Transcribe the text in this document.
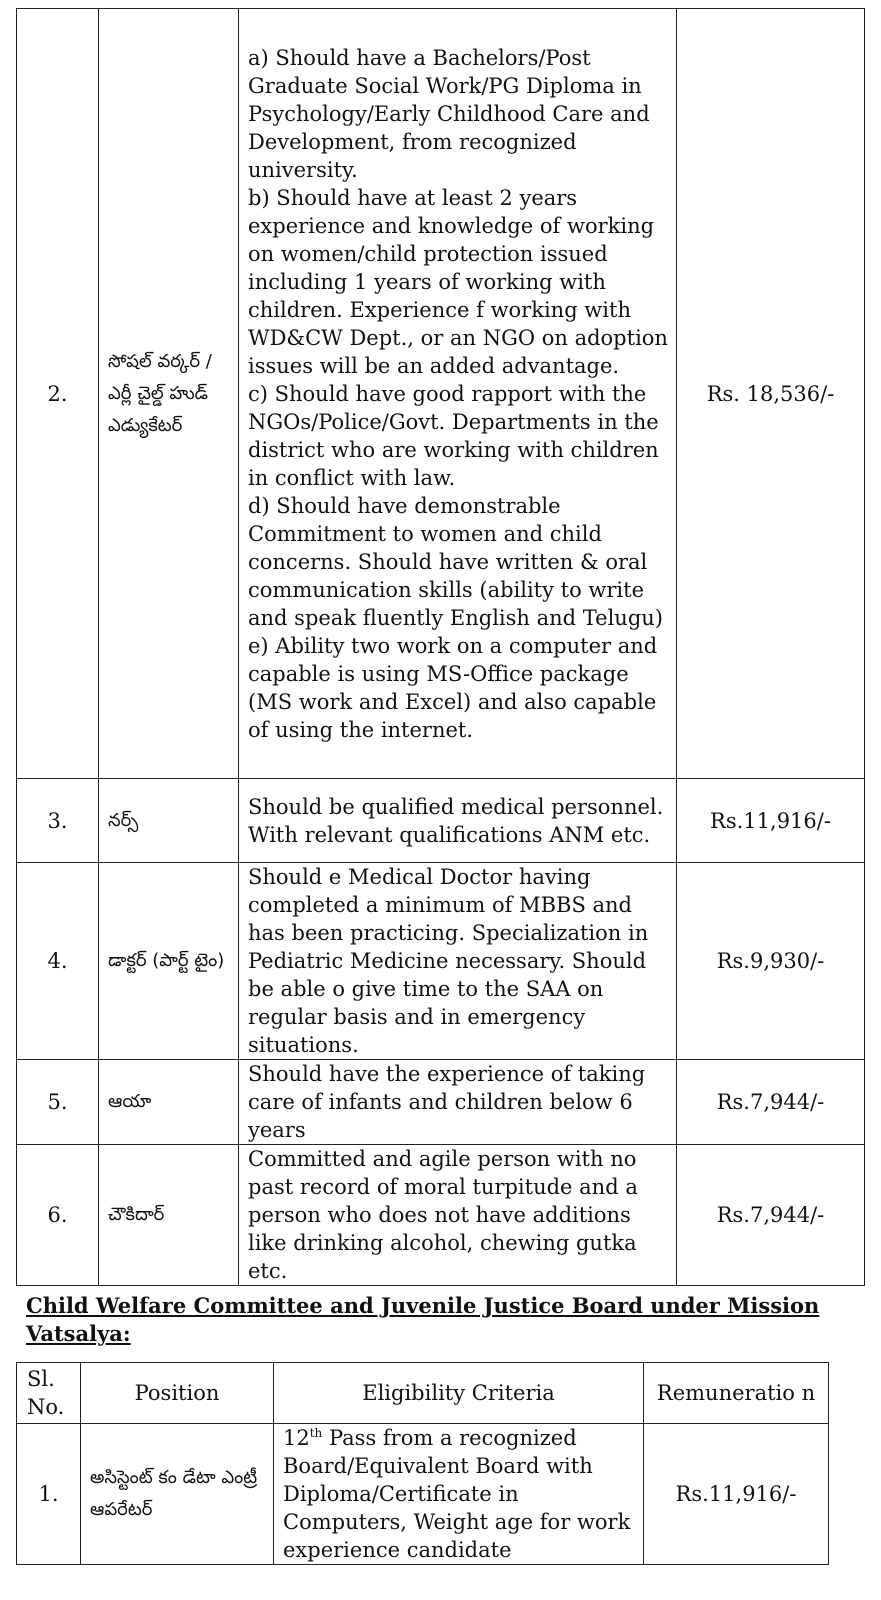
2.	సోషల్ వర్కర్ / ఎర్లీ చైల్డ్ హుడ్ ఎడ్యుకేటర్	a) Should have a Bachelors/Post Graduate Social Work/PG Diploma in Psychology/Early Childhood Care and Development, from recognized university.
b) Should have at least 2 years experience and knowledge of working on women/child protection issued including 1 years of working with children. Experience f working with WD&CW Dept., or an NGO on adoption issues will be an added advantage.
c) Should have good rapport with the NGOs/Police/Govt. Departments in the district who are working with children in conflict with law.
d) Should have demonstrable Commitment to women and child concerns. Should have written & oral communication skills (ability to write and speak fluently English and Telugu)
e) Ability two work on a computer and capable is using MS-Office package (MS work and Excel) and also capable of using the internet.	Rs. 18,536/-
3.	నర్స్	Should be qualified medical personnel. With relevant qualifications ANM etc.	Rs.11,916/-
4.	డాక్టర్ (పార్ట్ టైం)	Should e Medical Doctor having completed a minimum of MBBS and has been practicing. Specialization in Pediatric Medicine necessary. Should be able o give time to the SAA on regular basis and in emergency situations.	Rs.9,930/-
5.	ఆయా	Should have the experience of taking care of infants and children below 6 years	Rs.7,944/-
6.	చౌకిదార్	Committed and agile person with no past record of moral turpitude and a person who does not have additions like drinking alcohol, chewing gutka etc.	Rs.7,944/-
Child Welfare Committee and Juvenile Justice Board under Mission Vatsalya:
Sl. No.	Position	Eligibility Criteria	Remuneratio n
1.	అసిస్టెంట్ కం డేటా ఎంట్రీ ఆపరేటర్	12th Pass from a recognized Board/Equivalent Board with Diploma/Certificate in Computers, Weight age for work experience candidate	Rs.11,916/-
